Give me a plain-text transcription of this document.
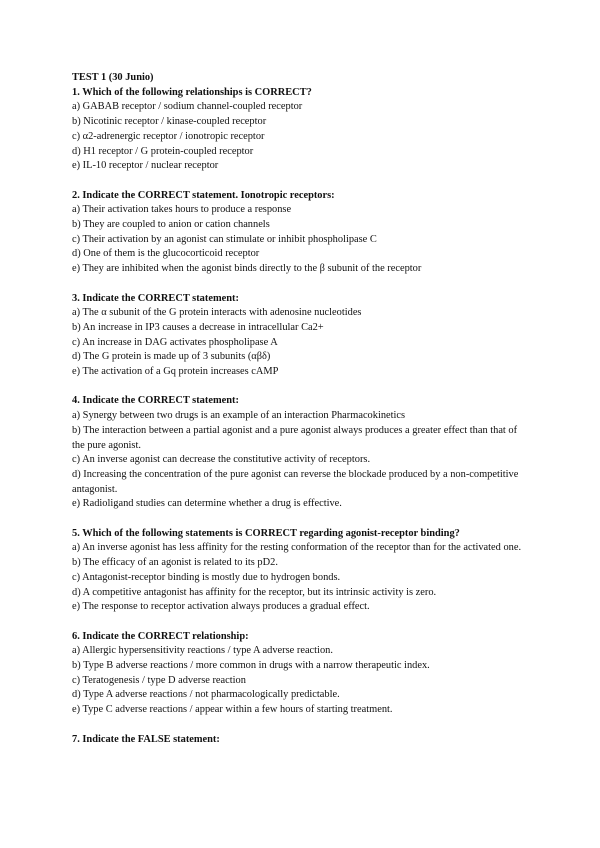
TEST 1 (30 Junio)
1. Which of the following relationships is CORRECT?
a) GABAB receptor / sodium channel-coupled receptor
b) Nicotinic receptor / kinase-coupled receptor
c) α2-adrenergic receptor / ionotropic receptor
d) H1 receptor / G protein-coupled receptor
e) IL-10 receptor / nuclear receptor
2. Indicate the CORRECT statement. Ionotropic receptors:
a) Their activation takes hours to produce a response
b) They are coupled to anion or cation channels
c) Their activation by an agonist can stimulate or inhibit phospholipase C
d) One of them is the glucocorticoid receptor
e) They are inhibited when the agonist binds directly to the β subunit of the receptor
3. Indicate the CORRECT statement:
a) The α subunit of the G protein interacts with adenosine nucleotides
b) An increase in IP3 causes a decrease in intracellular Ca2+
c) An increase in DAG activates phospholipase A
d) The G protein is made up of 3 subunits (αβδ)
e) The activation of a Gq protein increases cAMP
4. Indicate the CORRECT statement:
a) Synergy between two drugs is an example of an interaction Pharmacokinetics
b) The interaction between a partial agonist and a pure agonist always produces a greater effect than that of the pure agonist.
c) An inverse agonist can decrease the constitutive activity of receptors.
d) Increasing the concentration of the pure agonist can reverse the blockade produced by a non-competitive antagonist.
e) Radioligand studies can determine whether a drug is effective.
5. Which of the following statements is CORRECT regarding agonist-receptor binding?
a) An inverse agonist has less affinity for the resting conformation of the receptor than for the activated one.
b) The efficacy of an agonist is related to its pD2.
c) Antagonist-receptor binding is mostly due to hydrogen bonds.
d) A competitive antagonist has affinity for the receptor, but its intrinsic activity is zero.
e) The response to receptor activation always produces a gradual effect.
6. Indicate the CORRECT relationship:
a) Allergic hypersensitivity reactions / type A adverse reaction.
b) Type B adverse reactions / more common in drugs with a narrow therapeutic index.
c) Teratogenesis / type D adverse reaction
d) Type A adverse reactions / not pharmacologically predictable.
e) Type C adverse reactions / appear within a few hours of starting treatment.
7. Indicate the FALSE statement:
